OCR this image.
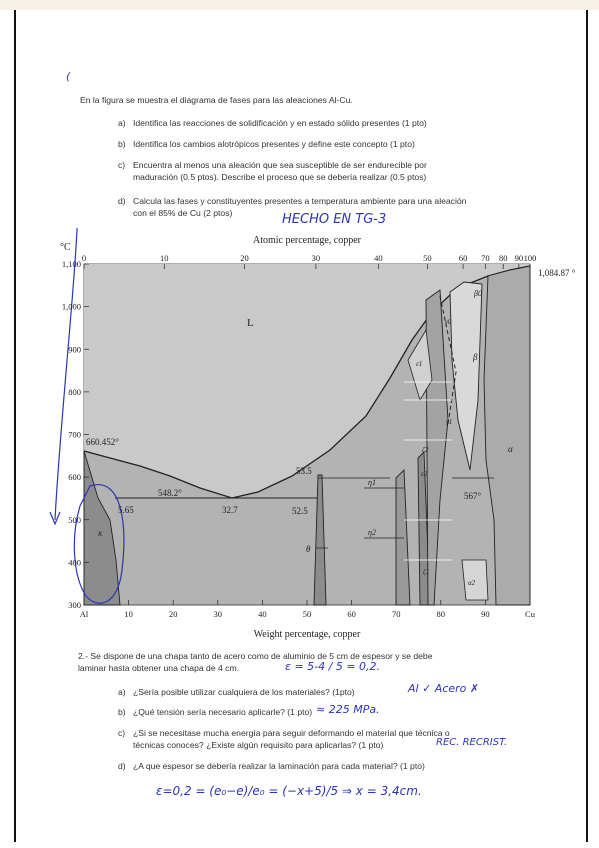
(
En la figura se muestra el diagrama de fases para las aleaciones Al-Cu.
a) Identifica las reacciones de solidificación y en estado sólido presentes (1 pto)
b) Identifica los cambios alotrópicos presentes y define este concepto (1 pto)
c) Encuentra al menos una aleación que sea susceptible de ser endurecible por
maduración (0.5 ptos). Describe el proceso que se debería realizar (0.5 ptos)
d) Calcula las fases y constituyentes presentes a temperatura ambiente para una aleación
con el 85% de Cu (2 ptos)	HECHO EN TG-3
1,100
1,000
900
800
700
600
500
400
300
Al	10	20	30	40	50	60	70	80	90	Cu
0	10	20	30	40	50	60 70 80 90 100
Atomic percentage, copper
°C
Weight percentage, copper
L
660.452°
1,084.87 °
548.2°
32.7
5.65
κ
53.5
52.5
θ
η1
η2
ζ1
ζ2
ε1
ε2
γ0
γ1
β0
β
α
α2
567°
2.- Se dispone de una chapa tanto de acero como de aluminio de 5 cm de espesor y se debe
laminar hasta obtener una chapa de 4 cm.	ε = 5-4 / 5 = 0,2.
a) ¿Sería posible utilizar cualquiera de los materiales? (1pto)	Al ✓ Acero ✗
b) ¿Qué tensión sería necesario aplicarle? (1 pto) ≈ 225 MPa.
c) ¿Si se necesitase mucha energía para seguir deformando el material que técnica o
técnicas conoces? ¿Existe algún requisito para aplicarlas? (1 pto)	REC. RECRIST.
d) ¿A que espesor se debería realizar la laminación para cada material? (1 pto)
ε=0,2 = (e₀−e)/e₀ = (−x+5)/5 ⇒ x = 3,4cm.
